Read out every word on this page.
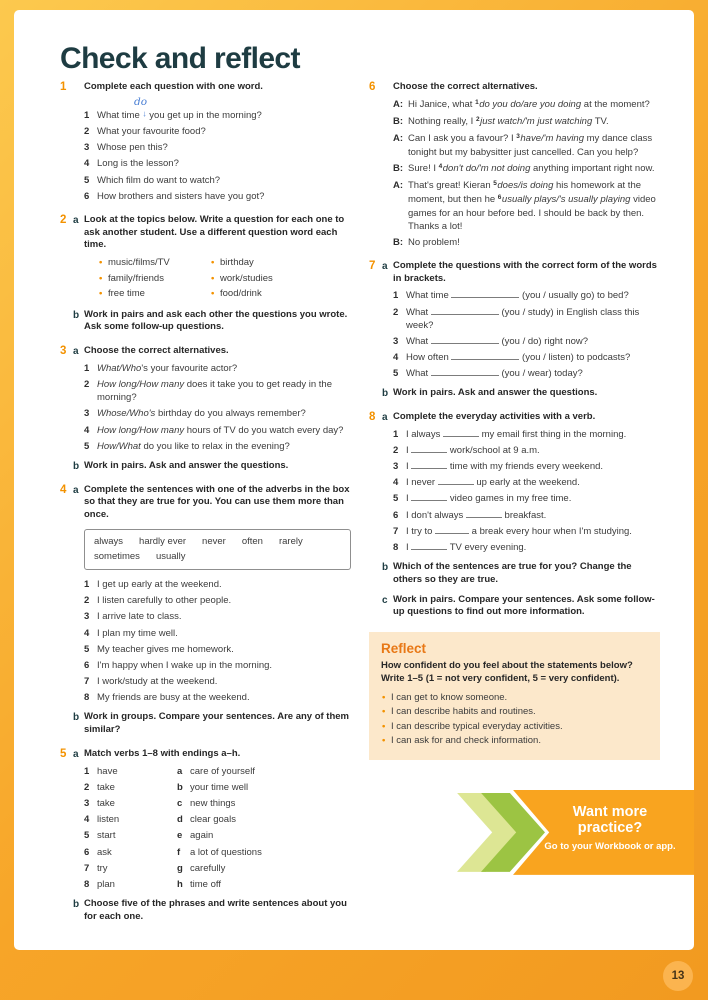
Check and reflect
1 Complete each question with one word.
do
1 What time ↓ you get up in the morning?
2 What your favourite food?
3 Whose pen this?
4 Long is the lesson?
5 Which film do want to watch?
6 How brothers and sisters have you got?
2 a Look at the topics below. Write a question for each one to ask another student. Use a different question word each time.
• music/films/TV	• birthday
• family/friends	• work/studies
• free time	• food/drink
b Work in pairs and ask each other the questions you wrote. Ask some follow-up questions.
3 a Choose the correct alternatives.
1 What/Who's your favourite actor?
2 How long/How many does it take you to get ready in the morning?
3 Whose/Who's birthday do you always remember?
4 How long/How many hours of TV do you watch every day?
5 How/What do you like to relax in the evening?
b Work in pairs. Ask and answer the questions.
4 a Complete the sentences with one of the adverbs in the box so that they are true for you. You can use them more than once.
always hardly ever never often rarelysometimes usually
1 I get up early at the weekend.
2 I listen carefully to other people.
3 I arrive late to class.
4 I plan my time well.
5 My teacher gives me homework.
6 I'm happy when I wake up in the morning.
7 I work/study at the weekend.
8 My friends are busy at the weekend.
b Work in groups. Compare your sentences. Are any of them similar?
5 a Match verbs 1–8 with endings a–h.
1 have	a care of yourself
2 take	b your time well
3 take	c new things
4 listen	d clear goals
5 start	e again
6 ask	f a lot of questions
7 try	g carefully
8 plan	h time off
b Choose five of the phrases and write sentences about you for each one.
6 Choose the correct alternatives.
A: Hi Janice, what $^1$do you do/are you doing at the moment?
B: Nothing really, I $^2$just watch/'m just watching TV.
A: Can I ask you a favour? I $^3$have/'m having my dance class tonight but my babysitter just cancelled. Can you help?
B: Sure! I $^4$don't do/'m not doing anything important right now.
A: That's great! Kieran $^5$does/is doing his homework at the moment, but then he $^6$usually plays/'s usually playing video games for an hour before bed. I should be back by then. Thanks a lot!
B: No problem!
7 a Complete the questions with the correct form of the words in brackets.
1 What time	(you / usually go) to bed?
2 What	(you / study) in English class this week?
3 What	(you / do) right now?
4 How often	(you / listen) to podcasts?
5 What	(you / wear) today?
b Work in pairs. Ask and answer the questions.
8 a Complete the everyday activities with a verb.
1 I always	my email first thing in the morning.
2 I	work/school at 9 a.m.
3 I	time with my friends every weekend.
4 I never	up early at the weekend.
5 I	video games in my free time.
6 I don't always	breakfast.
7 I try to	a break every hour when I'm studying.
8 I	TV every evening.
b Which of the sentences are true for you? Change the others so they are true.
c Work in pairs. Compare your sentences. Ask some follow-up questions to find out more information.
Reflect
How confident do you feel about the statements below? Write 1–5 (1 = not very confident, 5 = very confident).
• I can get to know someone.
• I can describe habits and routines.
• I can describe typical everyday activities.
• I can ask for and check information.
Want more practice?
Go to your Workbook or app.
13
